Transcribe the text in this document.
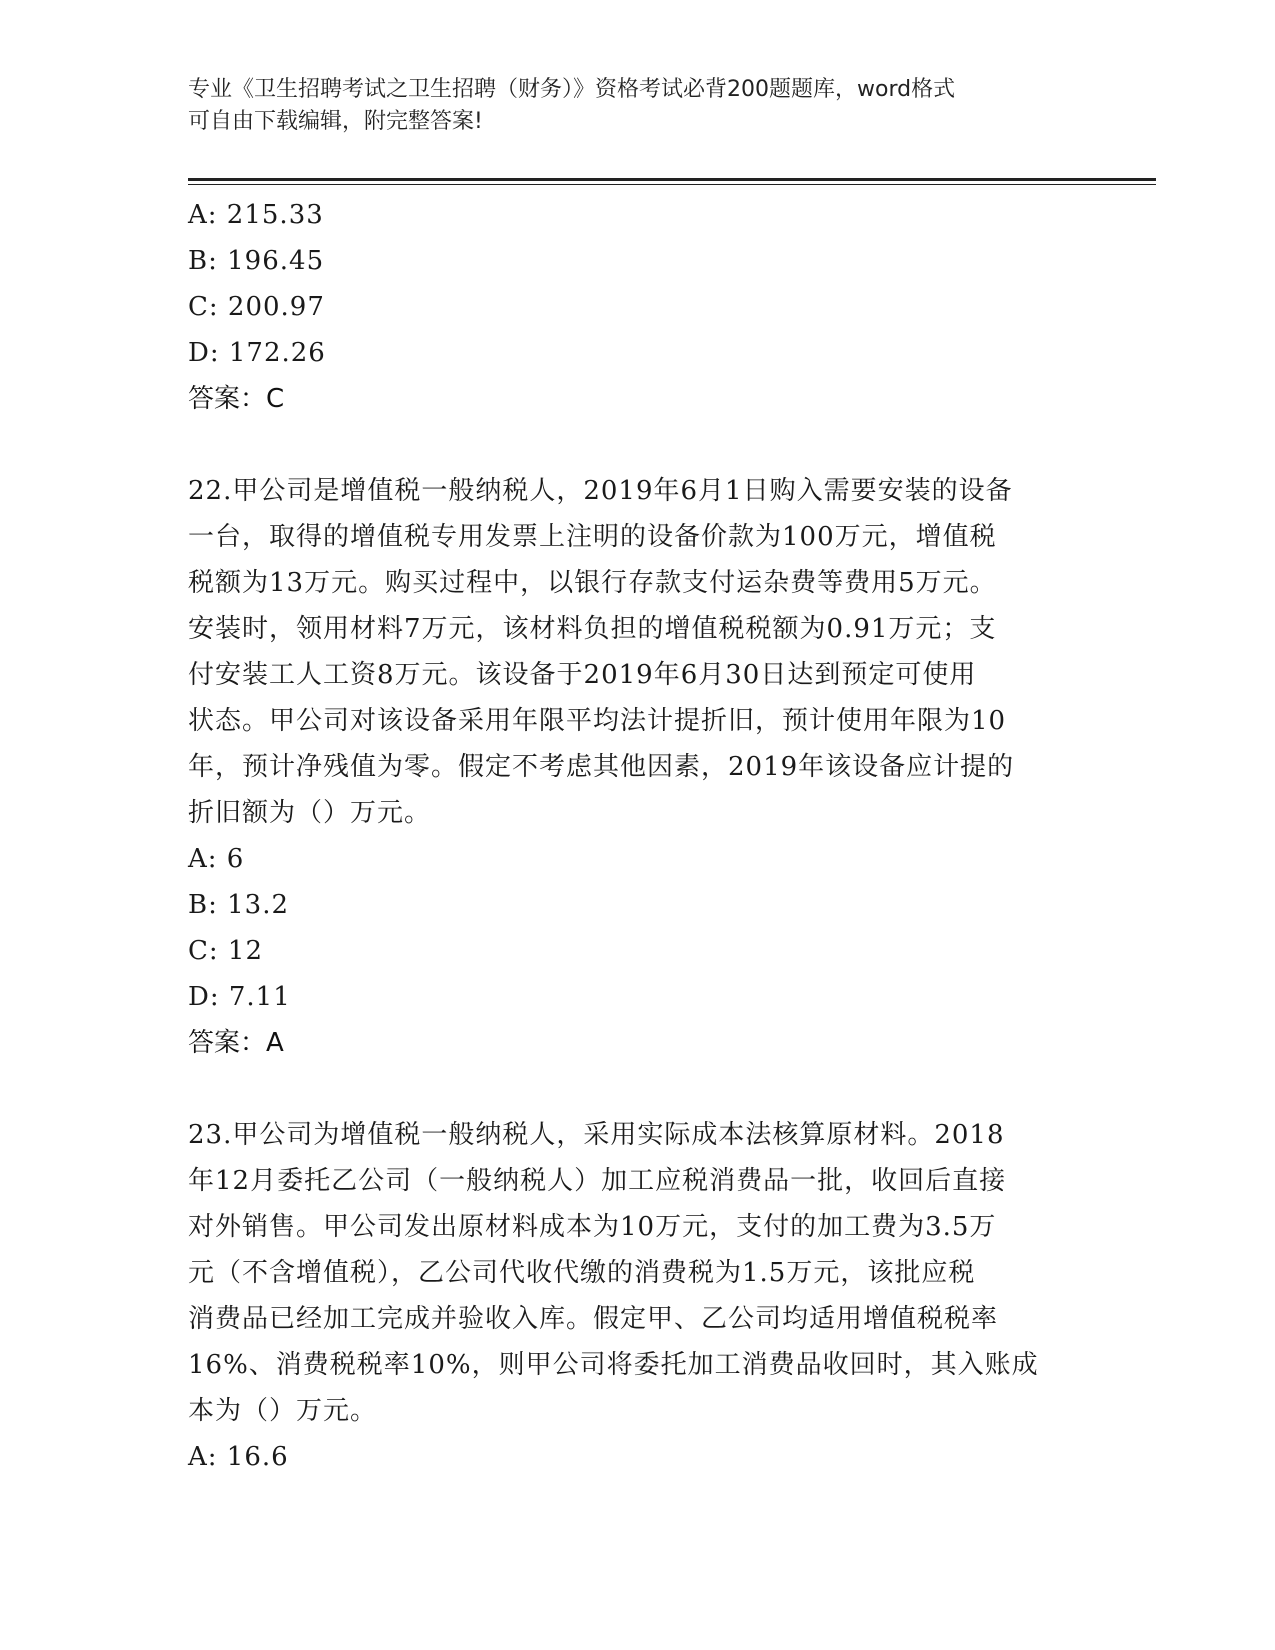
专业《卫生招聘考试之卫生招聘（财务）》资格考试必背200题题库，word格式
可自由下载编辑，附完整答案!
A: 215.33
B: 196.45
C: 200.97
D: 172.26
答案：C
22.甲公司是增值税一般纳税人，2019年6月1日购入需要安装的设备
一台，取得的增值税专用发票上注明的设备价款为100万元，增值税
税额为13万元。购买过程中，以银行存款支付运杂费等费用5万元。
安装时，领用材料7万元，该材料负担的增值税税额为0.91万元；支
付安装工人工资8万元。该设备于2019年6月30日达到预定可使用
状态。甲公司对该设备采用年限平均法计提折旧，预计使用年限为10
年，预计净残值为零。假定不考虑其他因素，2019年该设备应计提的
折旧额为（）万元。
A: 6
B: 13.2
C: 12
D: 7.11
答案：A
23.甲公司为增值税一般纳税人，采用实际成本法核算原材料。2018
年12月委托乙公司（一般纳税人）加工应税消费品一批，收回后直接
对外销售。甲公司发出原材料成本为10万元，支付的加工费为3.5万
元（不含增值税），乙公司代收代缴的消费税为1.5万元，该批应税
消费品已经加工完成并验收入库。假定甲、乙公司均适用增值税税率
16%、消费税税率10%，则甲公司将委托加工消费品收回时，其入账成
本为（）万元。
A: 16.6
